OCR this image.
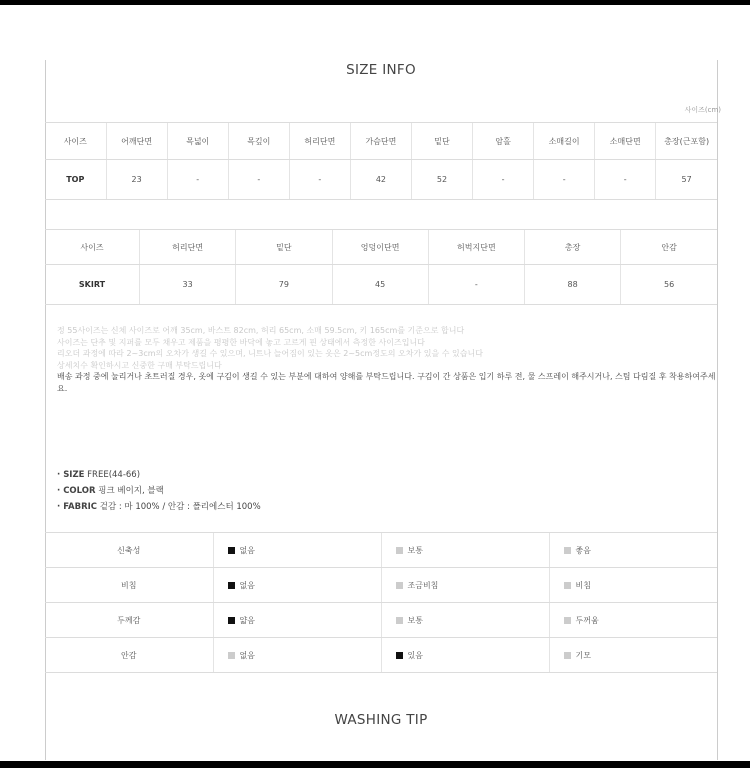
SIZE INFO
사이즈(cm)
사이즈	어깨단면	목넓이	목깊이	허리단면	가슴단면	밑단	암홀	소매길이	소매단면	총장(근포함)
TOP	23	-	-	-	42	52	-	-	-	57
사이즈	허리단면	밑단	엉덩이단면	허벅지단면	총장	안감
SKIRT	33	79	45	-	88	56
정 55사이즈는 신체 사이즈로 어깨 35cm, 바스트 82cm, 허리 65cm, 소매 59.5cm, 키 165cm를 기준으로 합니다
사이즈는 단추 및 지퍼를 모두 채우고 제품을 평평한 바닥에 놓고 고르게 핀 상태에서 측정한 사이즈입니다
리오더 과정에 따라 2~3cm의 오차가 생길 수 있으며, 니트나 늘어짐이 있는 옷은 2~5cm정도의 오차가 있을 수 있습니다
상세치수 확인하시고 신중한 구매 부탁드립니다
배송 과정 중에 눌리거나 초트러질 경우, 옷에 구김이 생길 수 있는 부분에 대하여 양해를 부탁드립니다. 구김이 간 상품은 입기 하루 전, 물 스프레이 해주시거나, 스팀 다림질 후 착용하여주세요.
· SIZE FREE(44-66)
· COLOR 핑크 베이지, 블랙
· FABRIC 겉감 : 마 100% / 안감 : 폴리에스터 100%
신축성	없음	보통	좋음
비침	없음	조금비침	비침
두께감	얇음	보통	두꺼움
안감	없음	있음	기모
WASHING TIP
